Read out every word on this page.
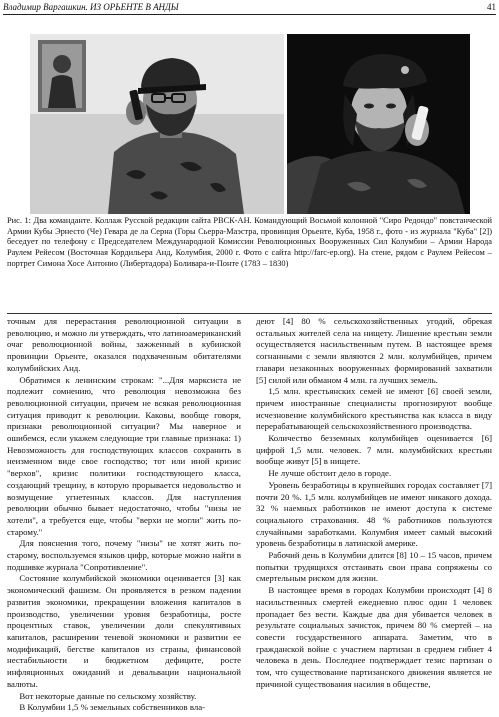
Владимир Варгашкин. ИЗ ОРЬЕНТЕ В АНДЫ	41
Рис. 1: Два команданте. Коллаж Русской редакции сайта РВСК-АН. Командующий Восьмой колонной "Сиро Редондо" повстанческой Армии Кубы Эрнесто (Че) Гевара де ла Серна (Горы Сьерра-Маэстра, провинция Орьенте, Куба, 1958 г., фото - из журнала "Куба" [2]) беседует по телефону с Председателем Международной Комиссии Революционных Вооруженных Сил Колумбии – Армии Народа Раулем Рейесом (Восточная Кордильера Анд, Колумбия, 2000 г. Фото с сайта http://farc-ep.org). На стене, рядом с Раулем Рейесом – портрет Симона Хосе Антонио (Либертадора) Боливара-и-Понте (1783 – 1830)

точным для перерастания революционной ситуации в революцию, и можно ли утверждать, что латиноамериканский очаг революционной войны, зажженный в кубинской провинции Орьенте, оказался подхваченным обитателями колумбийских Анд.

Обратимся к ленинским строкам: "...Для марксиста не подлежит сомнению, что революция невозможна без революционной ситуации, причем не всякая революционная ситуация приводит к революции. Каковы, вообще говоря, признаки революционной ситуации? Мы наверное и ошибемся, если укажем следующие три главные признака: 1) Невозможность для господствующих классов сохранить в неизменном виде свое господство; тот или иной кризис "верхов", кризис политики господствующего класса, создающий трещину, в которую прорывается недовольство и возмущение угнетенных классов. Для наступления революции обычно бывает недостаточно, чтобы "низы не хотели", а требуется еще, чтобы "верхи не могли" жить по-старому."

Для пояснения того, почему "низы" не хотят жить по-старому, воспользуемся языков цифр, которые можно найти в подшивке журнала "Сопротивление".

Состояние колумбийской экономики оценивается [3] как экономический фашизм. Он проявляется в резком падении развития экономики, прекращении вложения капиталов в производство, увеличении уровня безработицы, росте процентных ставок, увеличении доли спекулятивных капиталов, расширении теневой экономики и развитии ее модификаций, бегстве капиталов из страны, финансовой нестабильности и бюджетном дефиците, росте инфляционных ожиданий и девальвации национальной валюты.

Вот некоторые данные по сельскому хозяйству.

В Колумбии 1,5 % земельных собственников вла-

деют [4] 80 % сельскохозяйственных угодий, обрекая остальных жителей села на нищету. Лишение крестьян земли осуществляется насильственным путем. В настоящее время согнанными с земли являются 2 млн. колумбийцев, причем главари незаконных вооруженных формирований захватили [5] силой или обманом 4 млн. га лучших земель.

1,5 млн. крестьянских семей не имеют [6] своей земли, причем иностранные специалисты прогнозируют вообще исчезновение колумбийского крестьянства как класса в виду перерабатывающей сельскохозяйственного производства.

Количество безземных колумбийцев оценивается [6] цифрой 1,5 млн. человек. 7 млн. колумбийских крестьян вообще живут [5] в нищете.

Не лучше обстоит дело в городе.

Уровень безработицы в крупнейших городах составляет [7] почти 20 %. 1,5 млн. колумбийцев не имеют никакого дохода. 32 % наемных работников не имеют доступа к системе социального страхования. 48 % работников пользуются случайными заработками. Колумбия имеет самый высокий уровень безработицы в латинской америке.

Рабочий день в Колумбии длится [8] 10 – 15 часов, причем попытки трудящихся отстаивать свои права сопряжены со смертельным риском для жизни.

В настоящее время в городах Колумбии происходят [4] 8 насильственных смертей ежедневно плюс один 1 человек пропадает без вести. Каждые два дня убивается человек в результате социальных зачисток, причем 80 % смертей – на совести государственного аппарата. Заметим, что в гражданской войне с участием партизан в среднем гибнет 4 человека в день. Последнее подтверждает тезис партизан о том, что существование партизанского движения является не причиной существования насилия в обществе,
